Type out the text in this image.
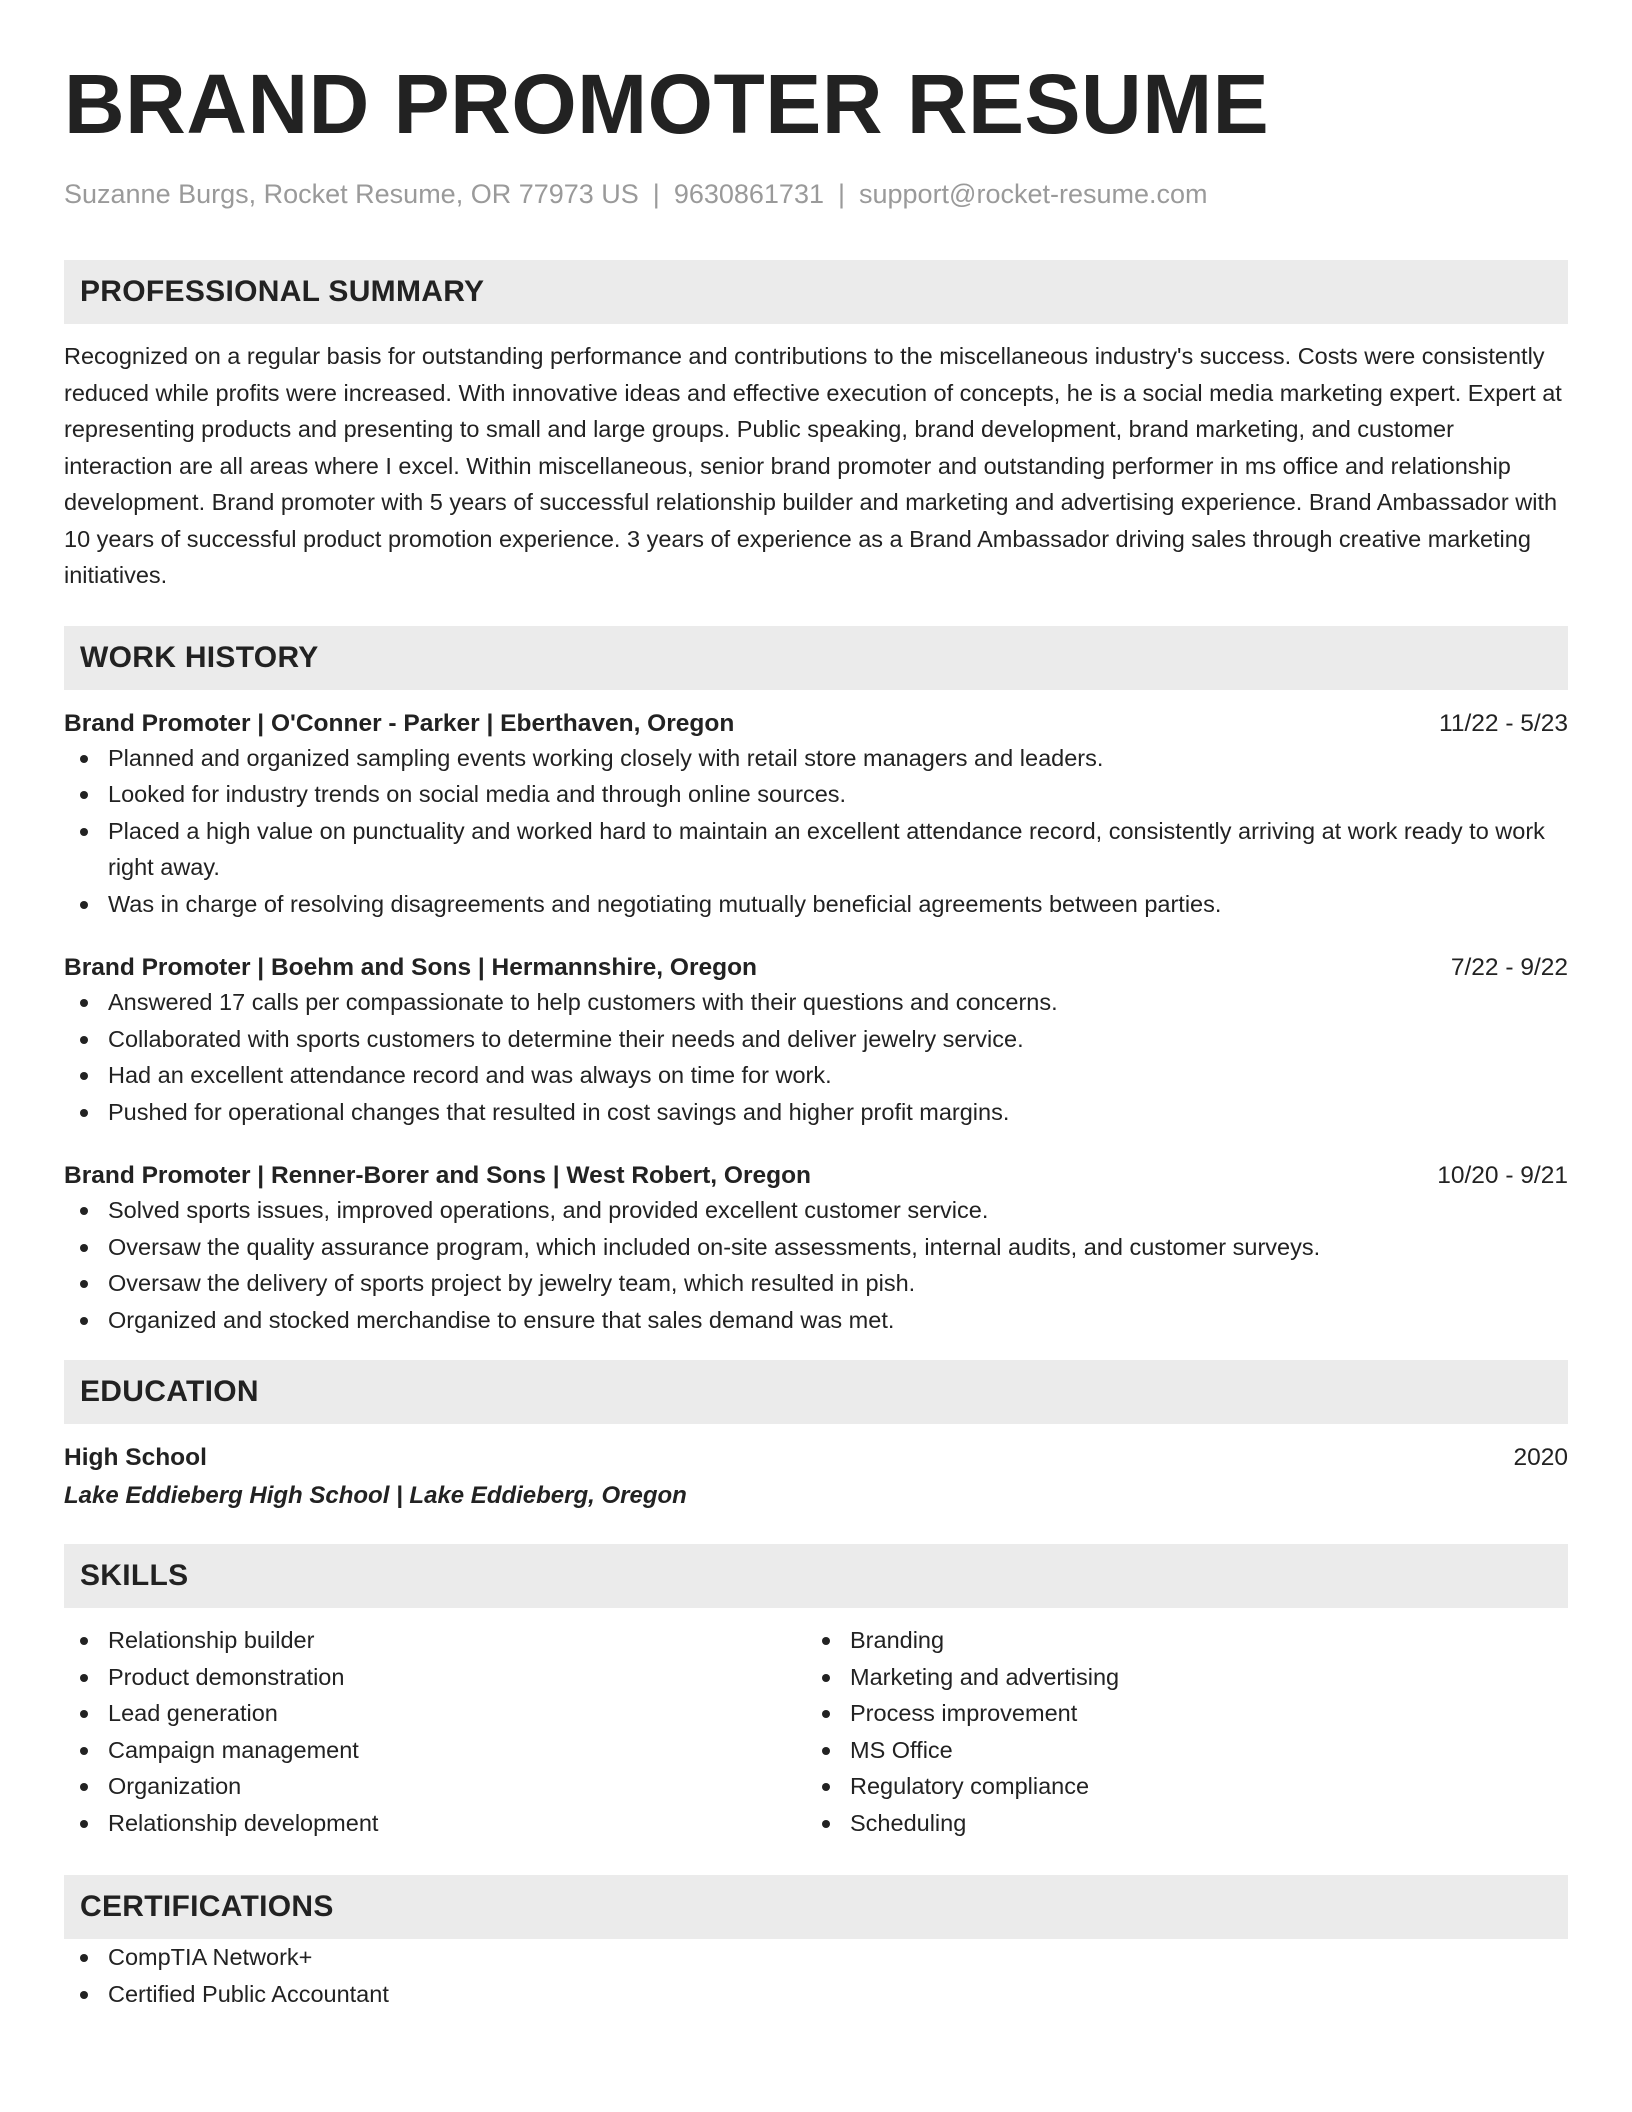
BRAND PROMOTER RESUME
Suzanne Burgs, Rocket Resume, OR 77973 US | 9630861731 | support@rocket-resume.com
PROFESSIONAL SUMMARY
Recognized on a regular basis for outstanding performance and contributions to the miscellaneous industry's success. Costs were consistently reduced while profits were increased. With innovative ideas and effective execution of concepts, he is a social media marketing expert. Expert at representing products and presenting to small and large groups. Public speaking, brand development, brand marketing, and customer interaction are all areas where I excel. Within miscellaneous, senior brand promoter and outstanding performer in ms office and relationship development. Brand promoter with 5 years of successful relationship builder and marketing and advertising experience. Brand Ambassador with 10 years of successful product promotion experience. 3 years of experience as a Brand Ambassador driving sales through creative marketing initiatives.
WORK HISTORY
Brand Promoter | O'Conner - Parker | Eberthaven, Oregon	11/22 - 5/23
Planned and organized sampling events working closely with retail store managers and leaders.
Looked for industry trends on social media and through online sources.
Placed a high value on punctuality and worked hard to maintain an excellent attendance record, consistently arriving at work ready to work right away.
Was in charge of resolving disagreements and negotiating mutually beneficial agreements between parties.
Brand Promoter | Boehm and Sons | Hermannshire, Oregon	7/22 - 9/22
Answered 17 calls per compassionate to help customers with their questions and concerns.
Collaborated with sports customers to determine their needs and deliver jewelry service.
Had an excellent attendance record and was always on time for work.
Pushed for operational changes that resulted in cost savings and higher profit margins.
Brand Promoter | Renner-Borer and Sons | West Robert, Oregon	10/20 - 9/21
Solved sports issues, improved operations, and provided excellent customer service.
Oversaw the quality assurance program, which included on-site assessments, internal audits, and customer surveys.
Oversaw the delivery of sports project by jewelry team, which resulted in pish.
Organized and stocked merchandise to ensure that sales demand was met.
EDUCATION
High School	2020
Lake Eddieberg High School | Lake Eddieberg, Oregon
SKILLS
Relationship builder
Product demonstration
Lead generation
Campaign management
Organization
Relationship development
Branding
Marketing and advertising
Process improvement
MS Office
Regulatory compliance
Scheduling
CERTIFICATIONS
CompTIA Network+
Certified Public Accountant
